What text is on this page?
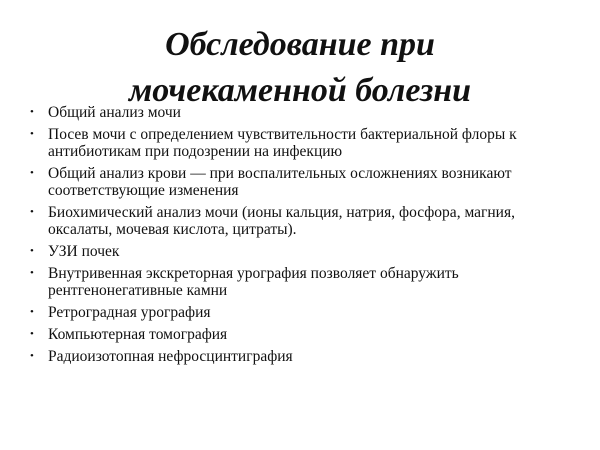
Обследование при
мочекаменной болезни
• Общий анализ мочи
• Посев мочи с определением чувствительности бактериальной флоры к антибиотикам при подозрении на инфекцию
• Общий анализ крови — при воспалительных осложнениях возникают соответствующие изменения
• Биохимический анализ мочи (ионы кальция, натрия, фосфора, магния, оксалаты, мочевая кислота, цитраты).
• УЗИ почек
• Внутривенная экскреторная урография позволяет обнаружить рентгенонегативные камни
• Ретроградная урография
• Компьютерная томография
• Радиоизотопная нефросцинтиграфия
